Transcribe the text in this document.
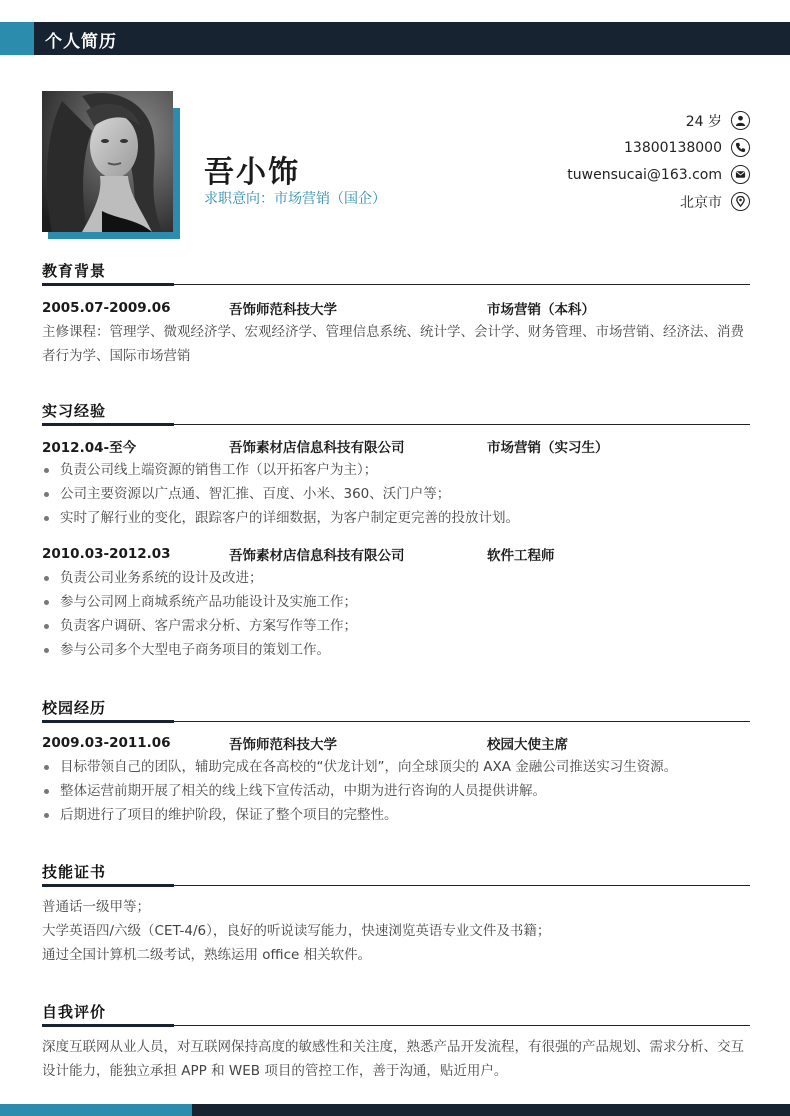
个人简历
吾小饰
求职意向：市场营销（国企）
24 岁
13800138000
tuwensucai@163.com
北京市
教育背景
2005.07-2009.06	吾饰师范科技大学	市场营销（本科）
主修课程：管理学、微观经济学、宏观经济学、管理信息系统、统计学、会计学、财务管理、市场营销、经济法、消费者行为学、国际市场营销
实习经验
2012.04-至今	吾饰素材店信息科技有限公司	市场营销（实习生）
负责公司线上端资源的销售工作（以开拓客户为主）；
公司主要资源以广点通、智汇推、百度、小米、360、沃门户等；
实时了解行业的变化，跟踪客户的详细数据，为客户制定更完善的投放计划。
2010.03-2012.03	吾饰素材店信息科技有限公司	软件工程师
负责公司业务系统的设计及改进；
参与公司网上商城系统产品功能设计及实施工作；
负责客户调研、客户需求分析、方案写作等工作；
参与公司多个大型电子商务项目的策划工作。
校园经历
2009.03-2011.06	吾饰师范科技大学	校园大使主席
目标带领自己的团队，辅助完成在各高校的“伏龙计划”，向全球顶尖的 AXA 金融公司推送实习生资源。
整体运营前期开展了相关的线上线下宣传活动，中期为进行咨询的人员提供讲解。
后期进行了项目的维护阶段，保证了整个项目的完整性。
技能证书
普通话一级甲等；
大学英语四/六级（CET-4/6），良好的听说读写能力，快速浏览英语专业文件及书籍；
通过全国计算机二级考试，熟练运用 office 相关软件。
自我评价
深度互联网从业人员，对互联网保持高度的敏感性和关注度，熟悉产品开发流程，有很强的产品规划、需求分析、交互设计能力，能独立承担 APP 和 WEB 项目的管控工作，善于沟通，贴近用户。
